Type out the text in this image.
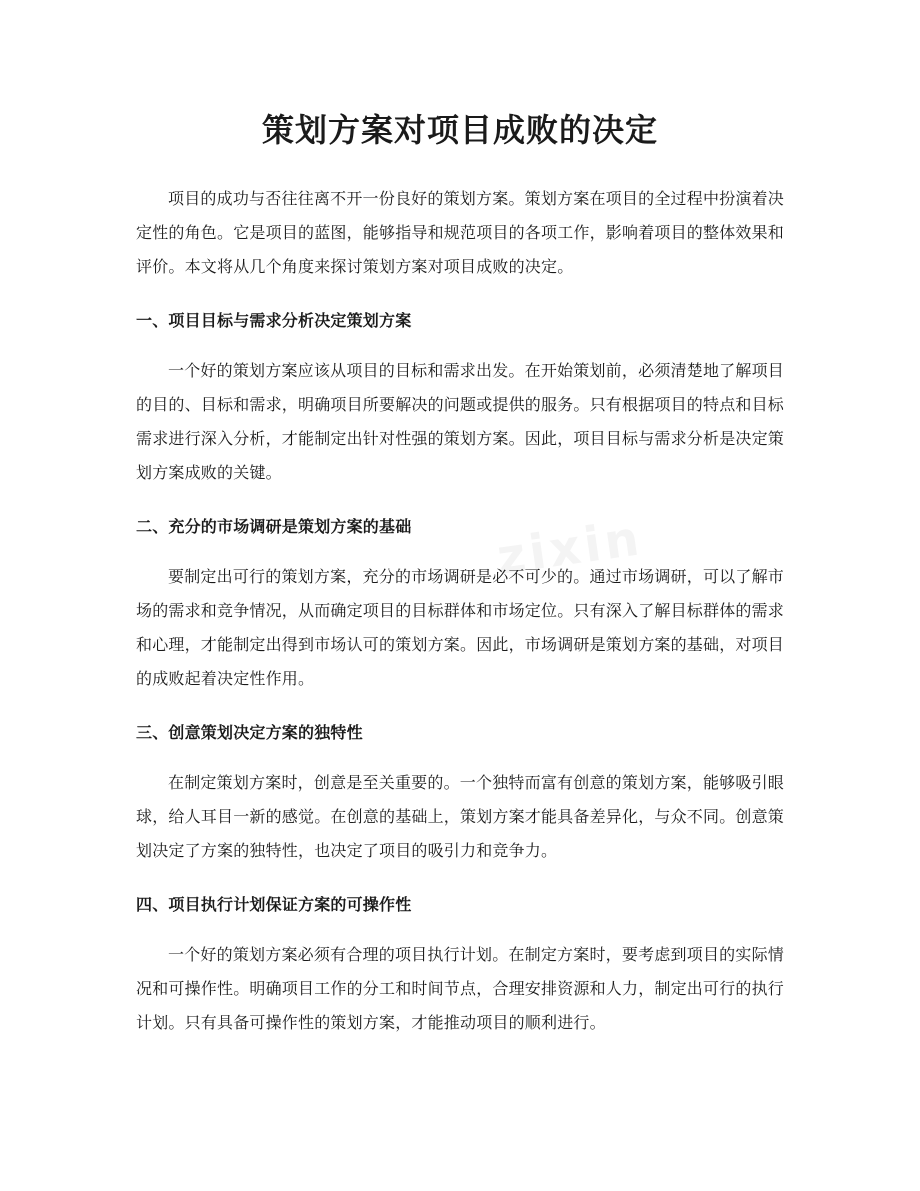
策划方案对项目成败的决定

项目的成功与否往往离不开一份良好的策划方案。策划方案在项目的全过程中扮演着决定性的角色。它是项目的蓝图，能够指导和规范项目的各项工作，影响着项目的整体效果和评价。本文将从几个角度来探讨策划方案对项目成败的决定。

一、项目目标与需求分析决定策划方案

一个好的策划方案应该从项目的目标和需求出发。在开始策划前，必须清楚地了解项目的目的、目标和需求，明确项目所要解决的问题或提供的服务。只有根据项目的特点和目标需求进行深入分析，才能制定出针对性强的策划方案。因此，项目目标与需求分析是决定策划方案成败的关键。

二、充分的市场调研是策划方案的基础

要制定出可行的策划方案，充分的市场调研是必不可少的。通过市场调研，可以了解市场的需求和竞争情况，从而确定项目的目标群体和市场定位。只有深入了解目标群体的需求和心理，才能制定出得到市场认可的策划方案。因此，市场调研是策划方案的基础，对项目的成败起着决定性作用。

三、创意策划决定方案的独特性

在制定策划方案时，创意是至关重要的。一个独特而富有创意的策划方案，能够吸引眼球，给人耳目一新的感觉。在创意的基础上，策划方案才能具备差异化，与众不同。创意策划决定了方案的独特性，也决定了项目的吸引力和竞争力。

四、项目执行计划保证方案的可操作性

一个好的策划方案必须有合理的项目执行计划。在制定方案时，要考虑到项目的实际情况和可操作性。明确项目工作的分工和时间节点，合理安排资源和人力，制定出可行的执行计划。只有具备可操作性的策划方案，才能推动项目的顺利进行。

zixin
